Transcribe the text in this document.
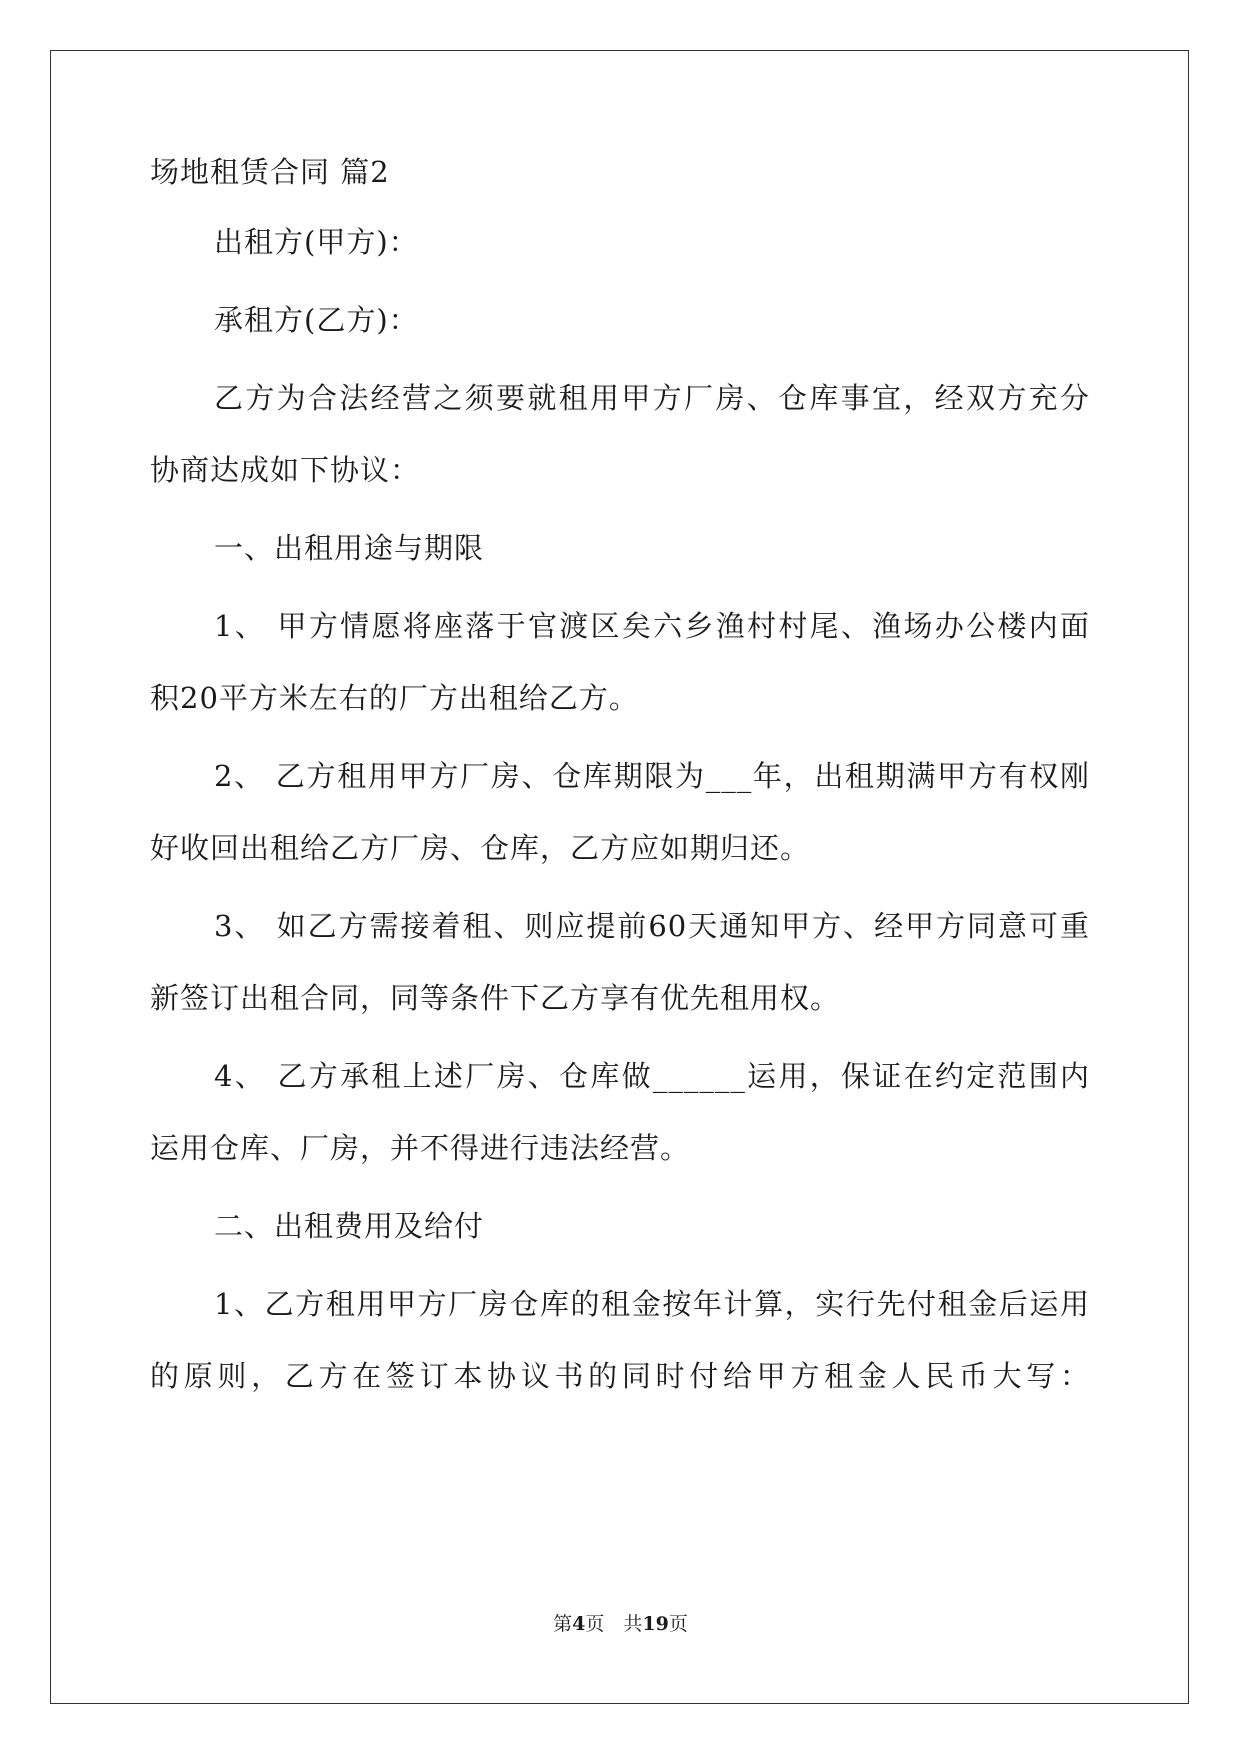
场地租赁合同 篇2
出租方(甲方)：
承租方(乙方)：
乙方为合法经营之须要就租用甲方厂房、仓库事宜，经双方充分
协商达成如下协议：
一、出租用途与期限
1、 甲方情愿将座落于官渡区矣六乡渔村村尾、渔场办公楼内面
积20平方米左右的厂方出租给乙方。
2、 乙方租用甲方厂房、仓库期限为___年，出租期满甲方有权刚
好收回出租给乙方厂房、仓库，乙方应如期归还。
3、 如乙方需接着租、则应提前60天通知甲方、经甲方同意可重
新签订出租合同，同等条件下乙方享有优先租用权。
4、 乙方承租上述厂房、仓库做______运用，保证在约定范围内
运用仓库、厂房，并不得进行违法经营。
二、出租费用及给付
1、乙方租用甲方厂房仓库的租金按年计算，实行先付租金后运用
的原则，乙方在签订本协议书的同时付给甲方租金人民币大写：
第4页　共19页
